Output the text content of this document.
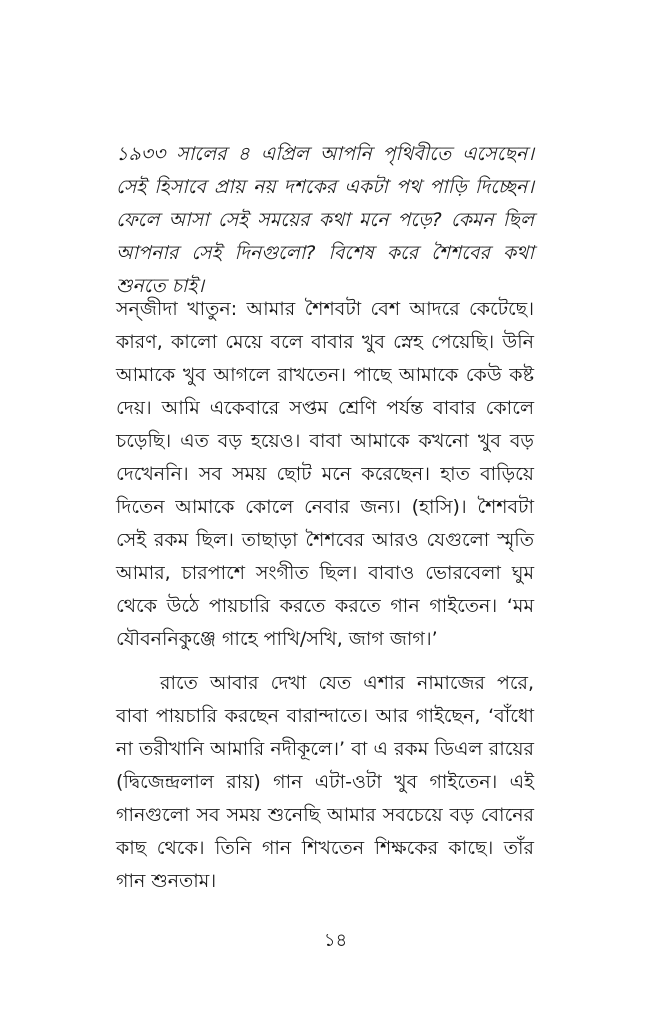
১৯৩৩ সালের ৪ এপ্রিল আপনি পৃথিবীতে এসেছেন। সেই হিসাবে প্রায় নয় দশকের একটা পথ পাড়ি দিচ্ছেন। ফেলে আসা সেই সময়ের কথা মনে পড়ে? কেমন ছিল আপনার সেই দিনগুলো? বিশেষ করে শৈশবের কথা শুনতে চাই।

সন্‌জীদা খাতুন: আমার শৈশবটা বেশ আদরে কেটেছে। কারণ, কালো মেয়ে বলে বাবার খুব স্নেহ পেয়েছি। উনি আমাকে খুব আগলে রাখতেন। পাছে আমাকে কেউ কষ্ট দেয়। আমি একেবারে সপ্তম শ্রেণি পর্যন্ত বাবার কোলে চড়েছি। এত বড় হয়েও। বাবা আমাকে কখনো খুব বড় দেখেননি। সব সময় ছোট মনে করেছেন। হাত বাড়িয়ে দিতেন আমাকে কোলে নেবার জন্য। (হাসি)। শৈশবটা সেই রকম ছিল। তাছাড়া শৈশবের আরও যেগুলো স্মৃতি আমার, চারপাশে সংগীত ছিল। বাবাও ভোরবেলা ঘুম থেকে উঠে পায়চারি করতে করতে গান গাইতেন। ‘মম যৌবননিকুঞ্জে গাহে পাখি/সখি, জাগ জাগ।’

রাতে আবার দেখা যেত এশার নামাজের পরে, বাবা পায়চারি করছেন বারান্দাতে। আর গাইছেন, ‘বাঁধো না তরীখানি আমারি নদীকূলে।’ বা এ রকম ডিএল রায়ের (দ্বিজেন্দ্রলাল রায়) গান এটা-ওটা খুব গাইতেন। এই গানগুলো সব সময় শুনেছি আমার সবচেয়ে বড় বোনের কাছ থেকে। তিনি গান শিখতেন শিক্ষকের কাছে। তাঁর গান শুনতাম।

১৪
